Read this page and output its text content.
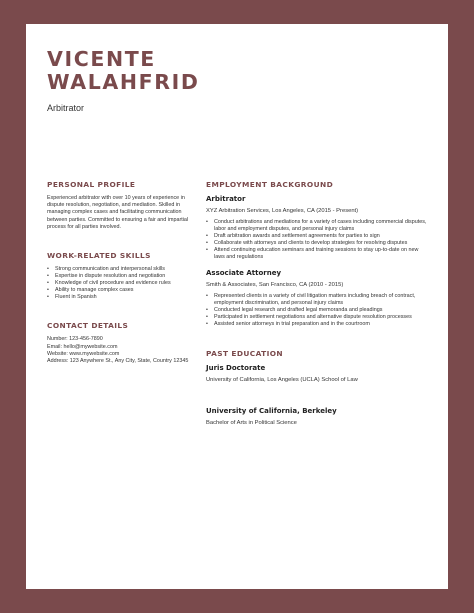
VICENTE
WALAHFRID
Arbitrator
PERSONAL PROFILE
Experienced arbitrator with over 10 years of experience in dispute resolution, negotiation, and mediation. Skilled in managing complex cases and facilitating communication between parties. Committed to ensuring a fair and impartial process for all parties involved.
WORK-RELATED SKILLS
• Strong communication and interpersonal skills
• Expertise in dispute resolution and negotiation
• Knowledge of civil procedure and evidence rules
• Ability to manage complex cases
• Fluent in Spanish
CONTACT DETAILS
Number: 123-456-7890
Email: hello@mywebsite.com
Website: www.mywebsite.com
Address: 123 Anywhere St., Any City, State, Country 12345
EMPLOYMENT BACKGROUND
Arbitrator
XYZ Arbitration Services, Los Angeles, CA (2015 - Present)
• Conduct arbitrations and mediations for a variety of cases including commercial disputes, labor and employment disputes, and personal injury claims
• Draft arbitration awards and settlement agreements for parties to sign
• Collaborate with attorneys and clients to develop strategies for resolving disputes
• Attend continuing education seminars and training sessions to stay up-to-date on new laws and regulations
Associate Attorney
Smith & Associates, San Francisco, CA (2010 - 2015)
• Represented clients in a variety of civil litigation matters including breach of contract, employment discrimination, and personal injury claims
• Conducted legal research and drafted legal memoranda and pleadings
• Participated in settlement negotiations and alternative dispute resolution processes
• Assisted senior attorneys in trial preparation and in the courtroom
PAST EDUCATION
Juris Doctorate
University of California, Los Angeles (UCLA) School of Law
University of California, Berkeley
Bachelor of Arts in Political Science
